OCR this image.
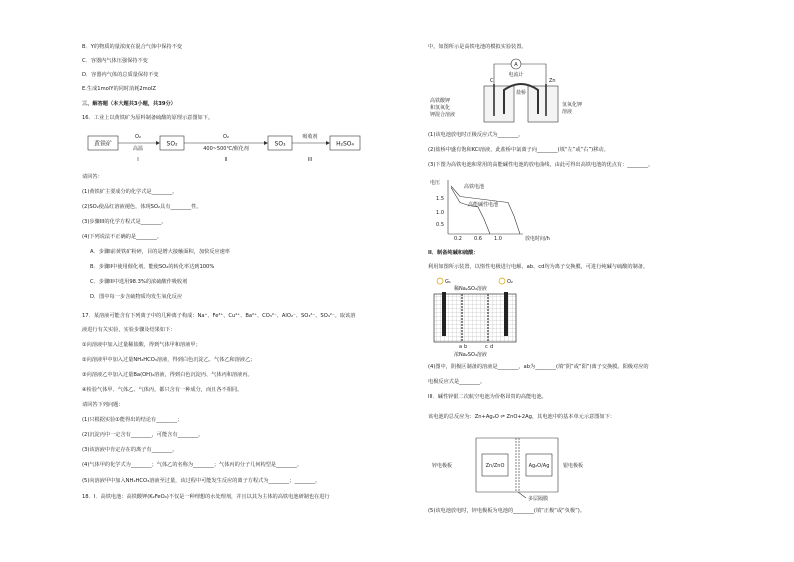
B．Y的物质的量浓度在混合气体中保持不变
C．容器内气体压强保持不变
D．容器内气体的总质量保持不变
E.生成1molY的同时消耗2molZ
三、解答题（本大题共3小题，共39分）
16．工业上以黄铁矿为原料制备硫酸的原理示意图如下。
黄铁矿
O₂
高温
I
SO₂
O₂
400~500℃/催化剂
II
SO₃
吸收剂
III
H₂SO₄
请回答：
(1)黄铁矿主要成分的化学式是________。
(2)SO₂使品红溶液褪色，体现SO₂具有________性。
(3)步骤III的化学方程式是________。
(4)下列说法不正确的是________。
A．步骤I前黄铁矿粉碎，目的是增大接触面积，加快反应速率
B．步骤II中使用催化剂，能使SO₂的转化率达到100%
C．步骤III中选用98.3%的浓硫酸作吸收剂
D．图中每一步含硫物质均发生氧化反应
17．某溶液可能含有下列离子中的几种离子构成：Na⁺、Fe³⁺、Cu²⁺、Ba²⁺、CO₃²⁻、AlO₂⁻、SO₃²⁻、SO₄²⁻。取该溶
液进行有关实验，实验步骤及结果如下：
①向溶液中加入过量稀盐酸，得到气体甲和溶液甲；
②向溶液甲中加入过量NH₄HCO₃溶液，得到白色沉淀乙、气体乙和溶液乙；
③向溶液乙中加入过量Ba(OH)₂溶液，得到白色沉淀丙、气体丙和溶液丙。
④检验气体甲、气体乙、气体丙，都只含有一种成分，而且各不相同。
请回答下列问题：
(1)只根据实验①能得出的结论有________；
(2)沉淀丙中一定含有________，可能含有________。
(3)该溶液中肯定存在的离子有________。
(4)气体甲的化学式为________；气体乙的名称为________；气体丙的分子几何构型是________。
(5)向溶液甲中加入NH₄HCO₃溶液至过量，该过程中可能发生反应的离子方程式为________；________。
18．I．高铁电池：高铁酸钾(K₂FeO₄)不仅是一种理想的水处理剂，并且以其为主体的高铁电池研制也在进行
中。如图所示是高铁电池的模拟实验装置。
A
电流计
C	Zn
盐桥
高铁酸钾
和氢氧化
钾混合溶液
氢氧化钾
溶液
(1)该电池放电时正极反应式为________。
(2)盐桥中盛有饱和KCl溶液，此盐桥中氯离子向________(填“左”或“右”)移动。
(3)下图为高铁电池和常用的高能碱性电池的放电曲线，由此可得出高铁电池的优点有：________。
电压
1.5
1.0
0.5
0.2 0.6 1.0	放电时间/h
高铁电池
高能碱性电池
II．制备纯碱和硫酸：
利用如图所示装置，以惰性电极进行电解，ab、cd均为离子交换膜，可进行纯碱与硫酸的制备。
G₁	O₂
稀Na₂SO₄溶液
a b	c d
浓Na₂SO₄溶液
(4)图中，阴极区制备的溶液是________，ab为________(填“阴”或“阳”)离子交换膜。阳极对应的
电极反应式是________。
III．碱性锌银二次航空电池为价格昂贵的高能电池。
该电池的总反应为：Zn+Ag₂O ⇌ ZnO+2Ag，其电池中的基本单元示意图如下：
Zn/ZnO	Ag₂O/Ag
锌电极板	银电极板
多层隔膜
(5)该电池放电时，锌电极板为电池的________(填“正极”或“负极”)。
